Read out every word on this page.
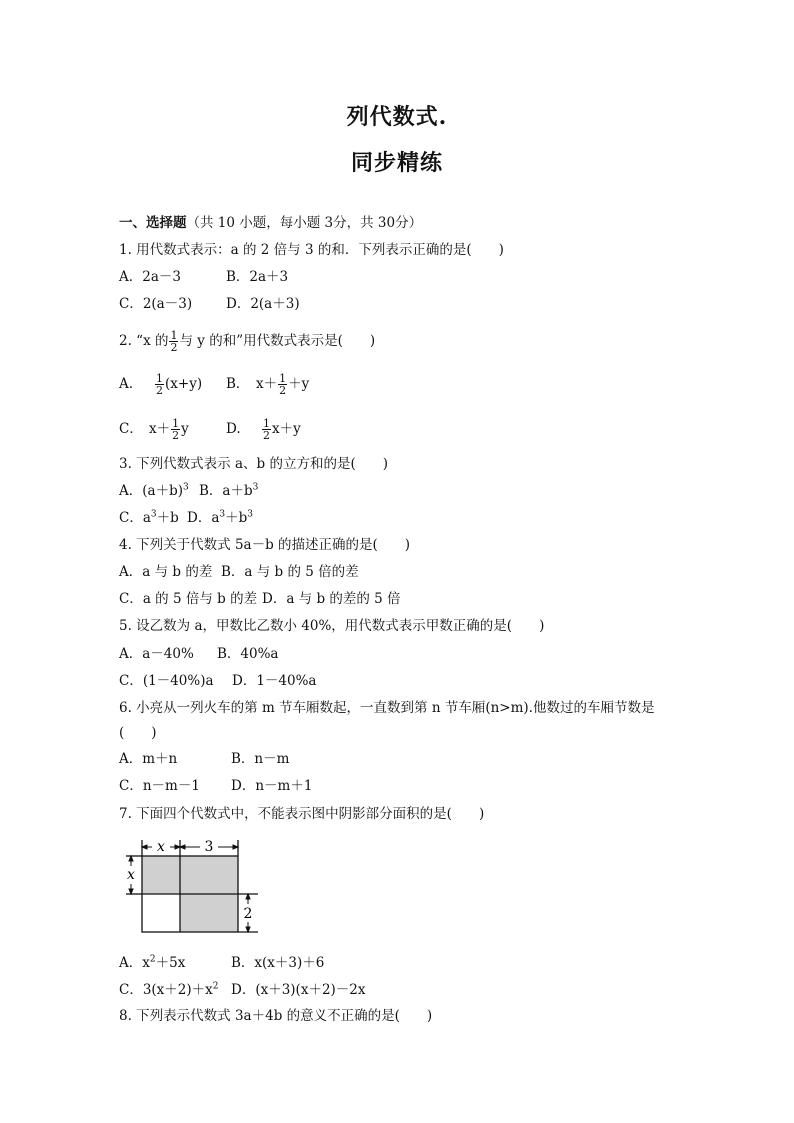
列代数式.
同步精练
一、选择题（共 10 小题，每小题 3分，共 30分）
1. 用代数式表示：a 的 2 倍与 3 的和．下列表示正确的是(　　)
A．2a－3	B．2a＋3
C．2(a－3)	D．2(a＋3)
2. “x 的 $\frac{1}{2}$ 与 y 的和”用代数式表示是(　　)
A. $\frac{1}{2} (x+y)$ B． $x+ \frac{1}{2} +y$
C． $x+ \frac{1}{2}$ y	D. $\frac{1}{2} x+y$
3. 下列代数式表示 a、b 的立方和的是(　　)
A．$(a+b)^3$ B．$a+b^3$
C．$a^3+b$ D．$a^3+b^3$
4. 下列关于代数式 5a－b 的描述正确的是(　　)
A．a 与 b 的差 B．a 与 b 的 5 倍的差
C．a 的 5 倍与 b 的差 D．a 与 b 的差的 5 倍
5. 设乙数为 a，甲数比乙数小 40%，用代数式表示甲数正确的是(　　)
A．a－40% B．40%a
C．(1－40%)a D．1－40%a
6. 小亮从一列火车的第 m 节车厢数起，一直数到第 n 节车厢(n>m).他数过的车厢节数是
(　　)
A．m＋n	B．n－m
C．n－m－1 D．n－m＋1
7. 下面四个代数式中，不能表示图中阴影部分面积的是(　　)
x	3
x
2
A．$x^2+5x$	B．x(x＋3)＋6
C．$3(x+2)+x^2$ D．(x＋3)(x＋2)－2x
8. 下列表示代数式 3a＋4b 的意义不正确的是(　　)
